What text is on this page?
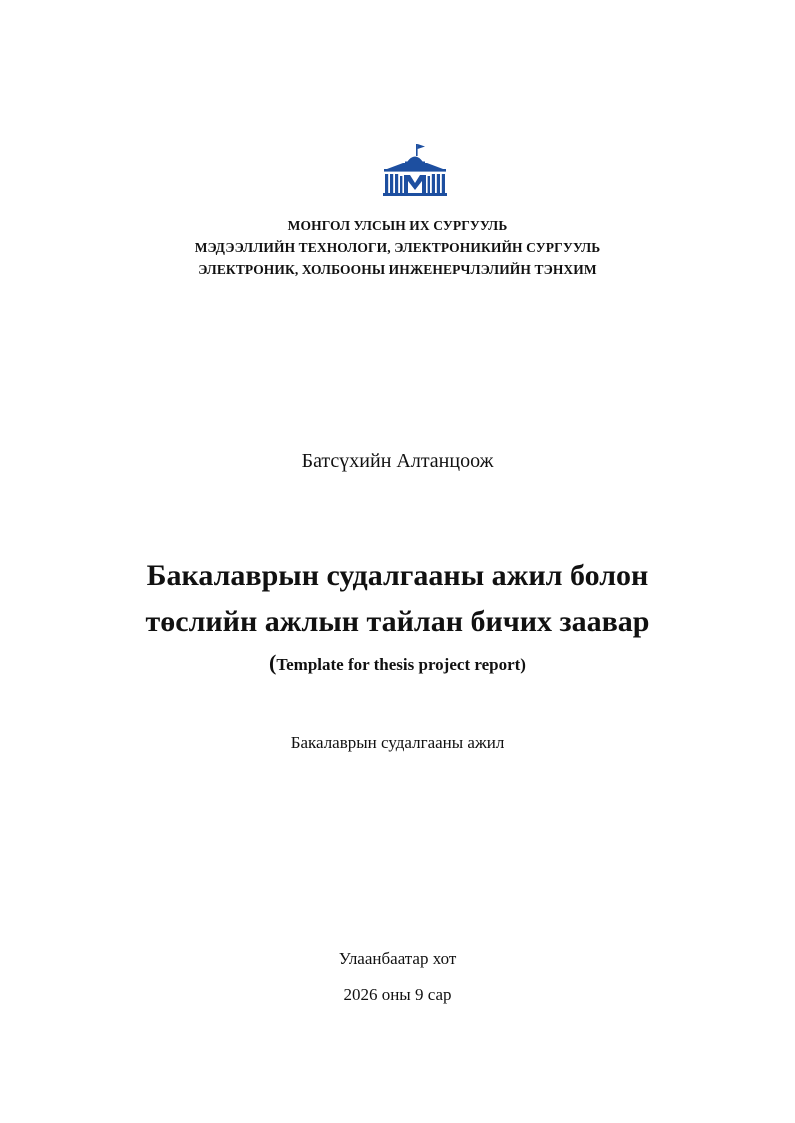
МОНГОЛ УЛСЫН ИХ СУРГУУЛЬ
МЭДЭЭЛЛИЙН ТЕХНОЛОГИ, ЭЛЕКТРОНИКИЙН СУРГУУЛЬ
ЭЛЕКТРОНИК, ХОЛБООНЫ ИНЖЕНЕРЧЛЭЛИЙН ТЭНХИМ
Батсүхийн Алтанцоож
Бакалаврын судалгааны ажил болон
төслийн ажлын тайлан бичих заавар
(Template for thesis project report)
Бакалаврын судалгааны ажил
Улаанбаатар хот
2026 оны 9 сар
